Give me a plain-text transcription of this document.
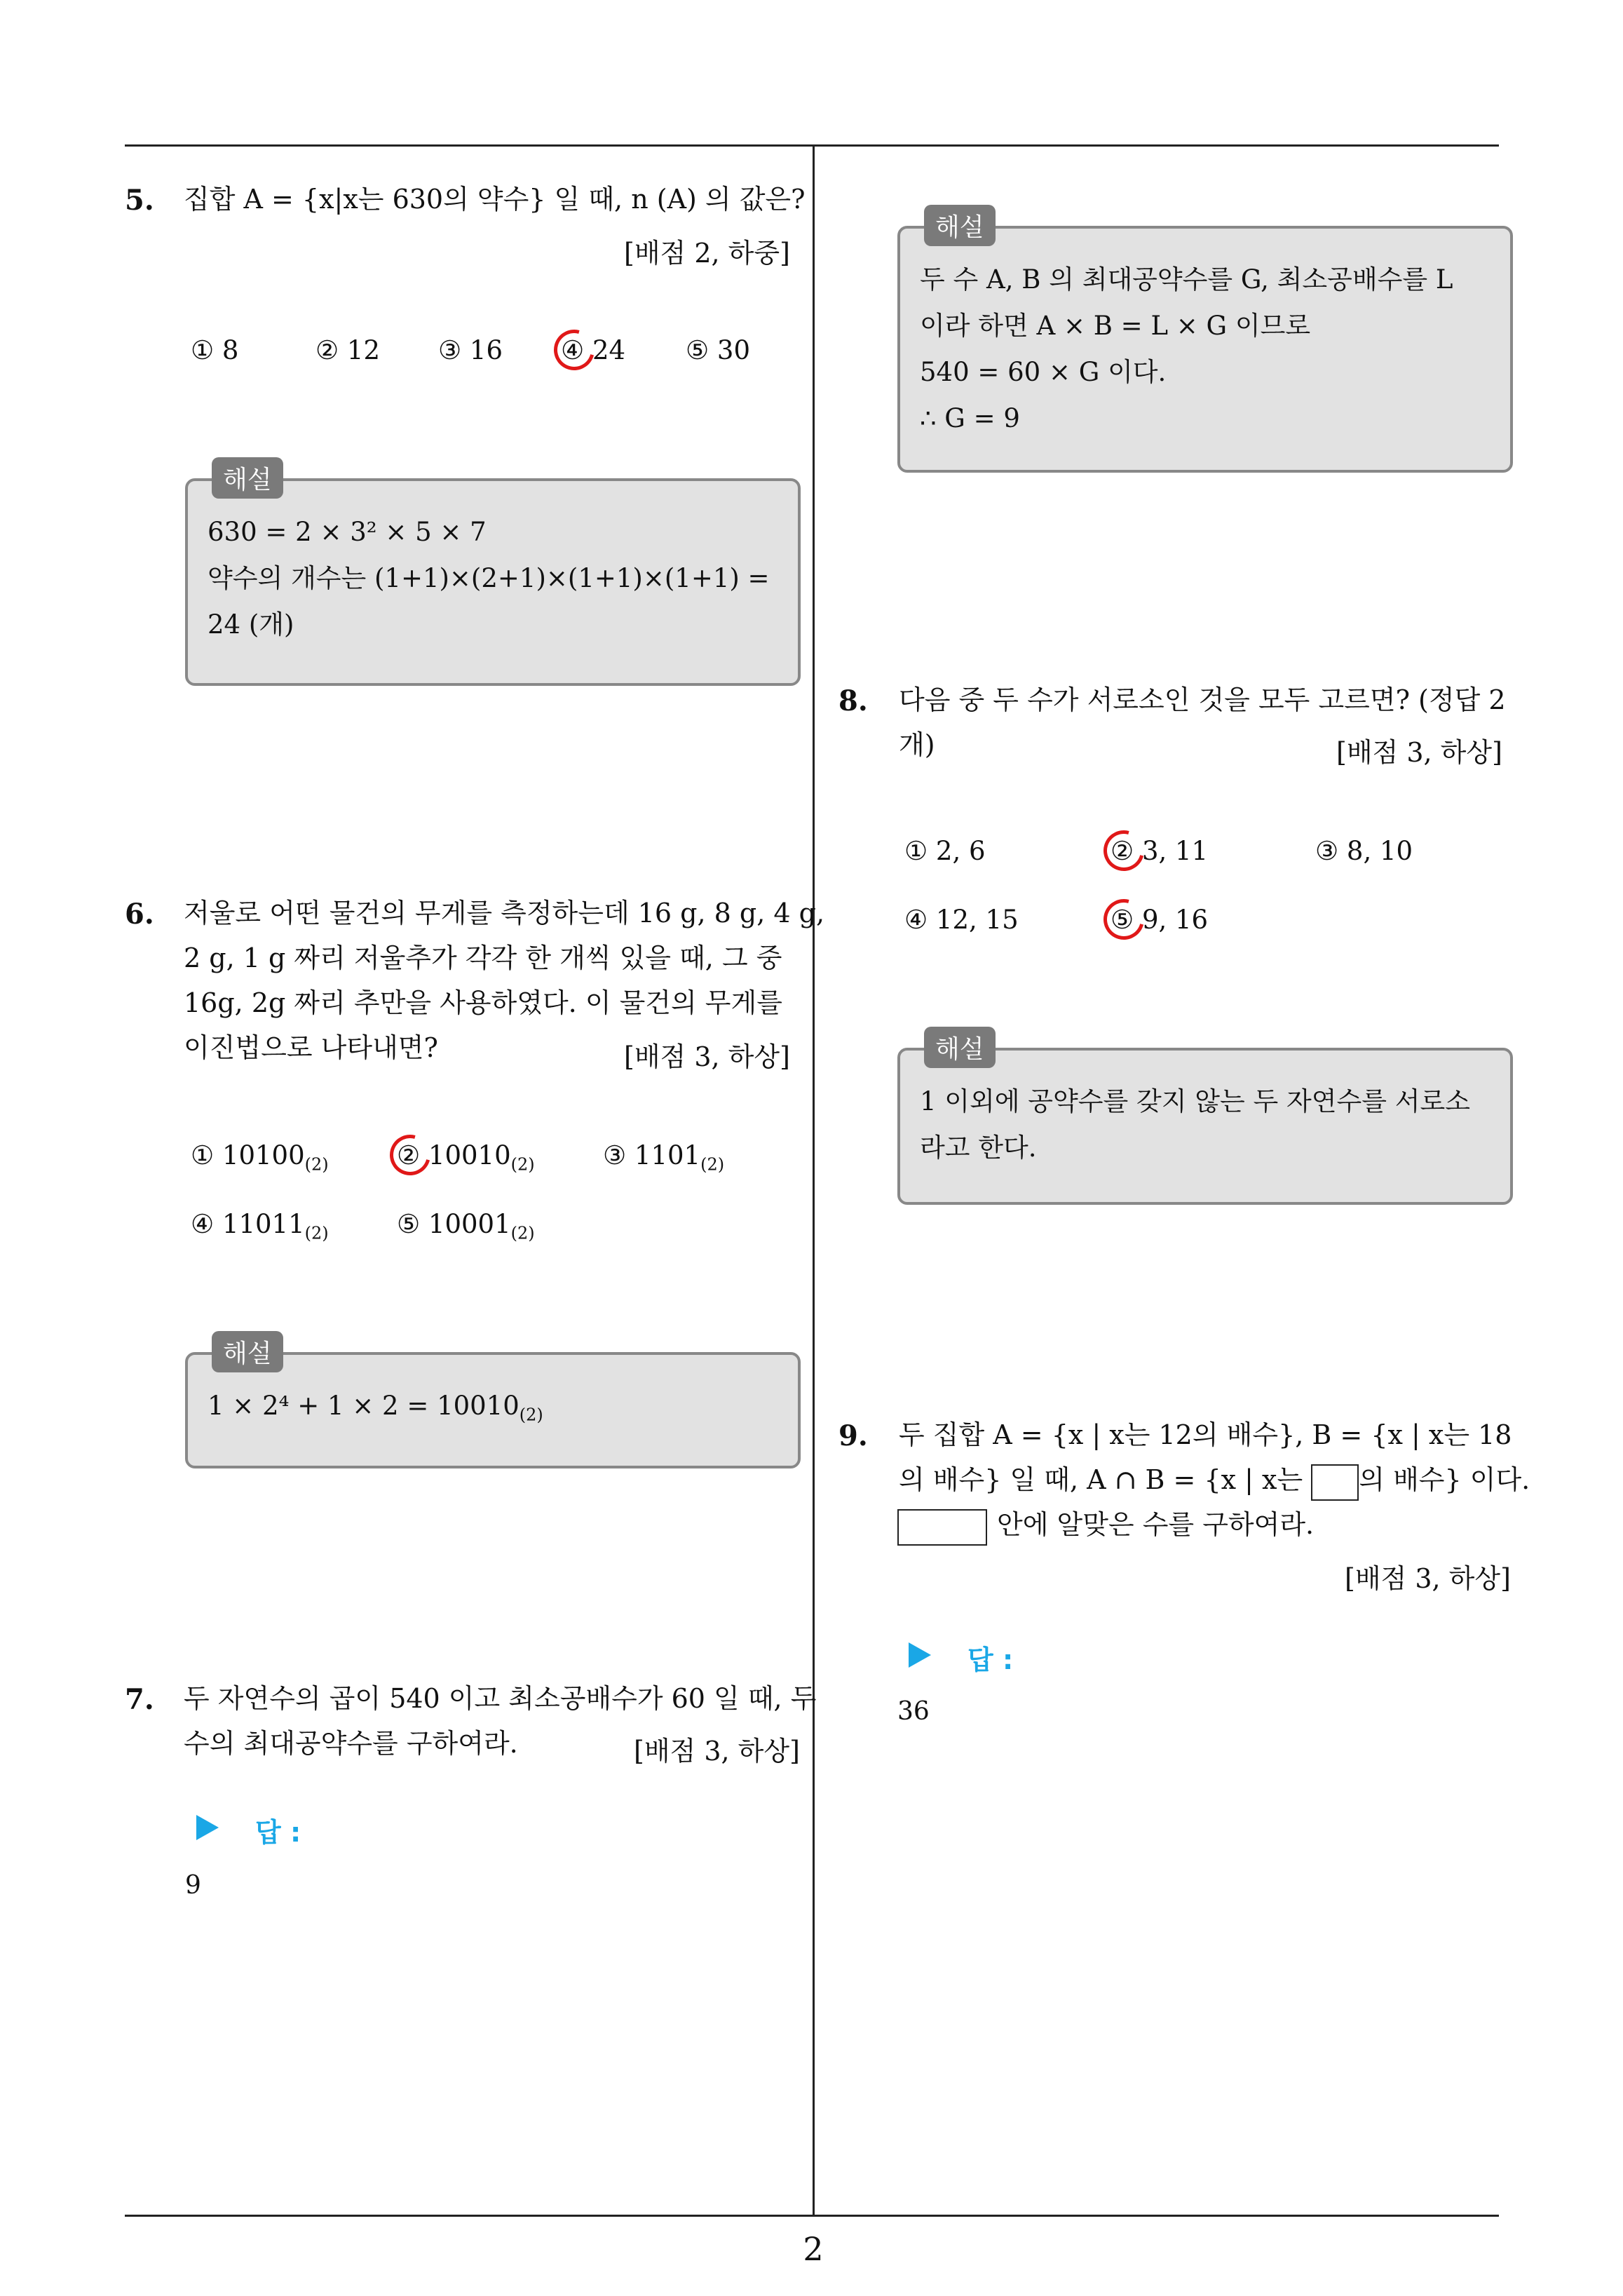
5. 집합 A = {x|x는 630의 약수} 일 때, n (A) 의 값은?
[배점 2, 하중]
① 8	② 12 ③ 16 ④ 24 ⑤ 30
해설
630 = 2 × 3² × 5 × 7
약수의 개수는 (1+1)×(2+1)×(1+1)×(1+1) =
24 (개)
6. 저울로 어떤 물건의 무게를 측정하는데 16 g, 8 g, 4 g,
2 g, 1 g 짜리 저울추가 각각 한 개씩 있을 때, 그 중
16g, 2g 짜리 추만을 사용하였다. 이 물건의 무게를
이진법으로 나타내면?	[배점 3, 하상]
① $10100_{(2)}$	② $10010_{(2)}$	③ $1101_{(2)}$
④ $11011_{(2)}$	⑤ $10001_{(2)}$
해설
$1 \times 2^4 + 1 \times 2 = 10010_{(2)}$
7. 두 자연수의 곱이 540 이고 최소공배수가 60 일 때, 두
수의 최대공약수를 구하여라.	[배점 3, 하상]
답 :
9
해설
두 수 A, B 의 최대공약수를 G, 최소공배수를 L
이라 하면 A × B = L × G 이므로
540 = 60 × G 이다.
∴ G = 9
8. 다음 중 두 수가 서로소인 것을 모두 고르면? (정답 2
개)	[배점 3, 하상]
① 2, 6	② 3, 11	③ 8, 10
④ 12, 15	⑤ 9, 16
해설
1 이외에 공약수를 갖지 않는 두 자연수를 서로소
라고 한다.
9. 두 집합 A = {x | x는 12의 배수}, B = {x | x는 18
의 배수} 일 때, A ∩ B = {x | x는 의 배수} 이다.
안에 알맞은 수를 구하여라.
[배점 3, 하상]
답 :
36
2
